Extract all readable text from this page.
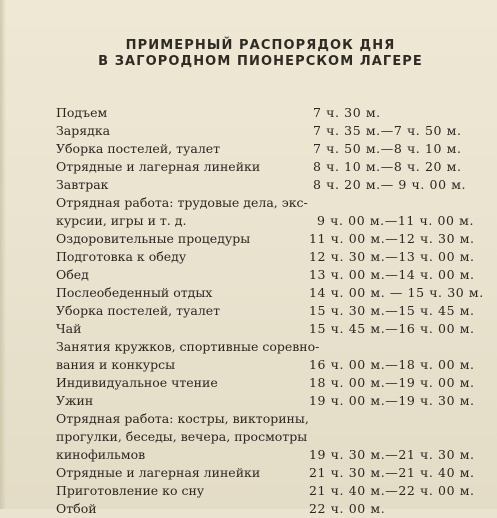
ПРИМЕРНЫЙ РАСПОРЯДОК ДНЯ
В ЗАГОРОДНОМ ПИОНЕРСКОМ ЛАГЕРЕ
Подъем	7 ч. 30 м.
Зарядка	7 ч. 35 м.—7 ч. 50 м.
Уборка постелей, туалет	7 ч. 50 м.—8 ч. 10 м.
Отрядные и лагерная линейки	8 ч. 10 м.—8 ч. 20 м.
Завтрак	8 ч. 20 м.— 9 ч. 00 м.
Отрядная работа: трудовые дела, экс-
курсии, игры и т. д.	9 ч. 00 м.—11 ч. 00 м.
Оздоровительные процедуры	11 ч. 00 м.—12 ч. 30 м.
Подготовка к обеду	12 ч. 30 м.—13 ч. 00 м.
Обед	13 ч. 00 м.—14 ч. 00 м.
Послеобеденный отдых	14 ч. 00 м. — 15 ч. 30 м.
Уборка постелей, туалет	15 ч. 30 м.—15 ч. 45 м.
Чай	15 ч. 45 м.—16 ч. 00 м.
Занятия кружков, спортивные соревно-
вания и конкурсы	16 ч. 00 м.—18 ч. 00 м.
Индивидуальное чтение	18 ч. 00 м.—19 ч. 00 м.
Ужин	19 ч. 00 м.—19 ч. 30 м.
Отрядная работа: костры, викторины,
прогулки, беседы, вечера, просмотры
кинофильмов	19 ч. 30 м.—21 ч. 30 м.
Отрядные и лагерная линейки	21 ч. 30 м.—21 ч. 40 м.
Приготовление ко сну	21 ч. 40 м.—22 ч. 00 м.
Отбой	22 ч. 00 м.
